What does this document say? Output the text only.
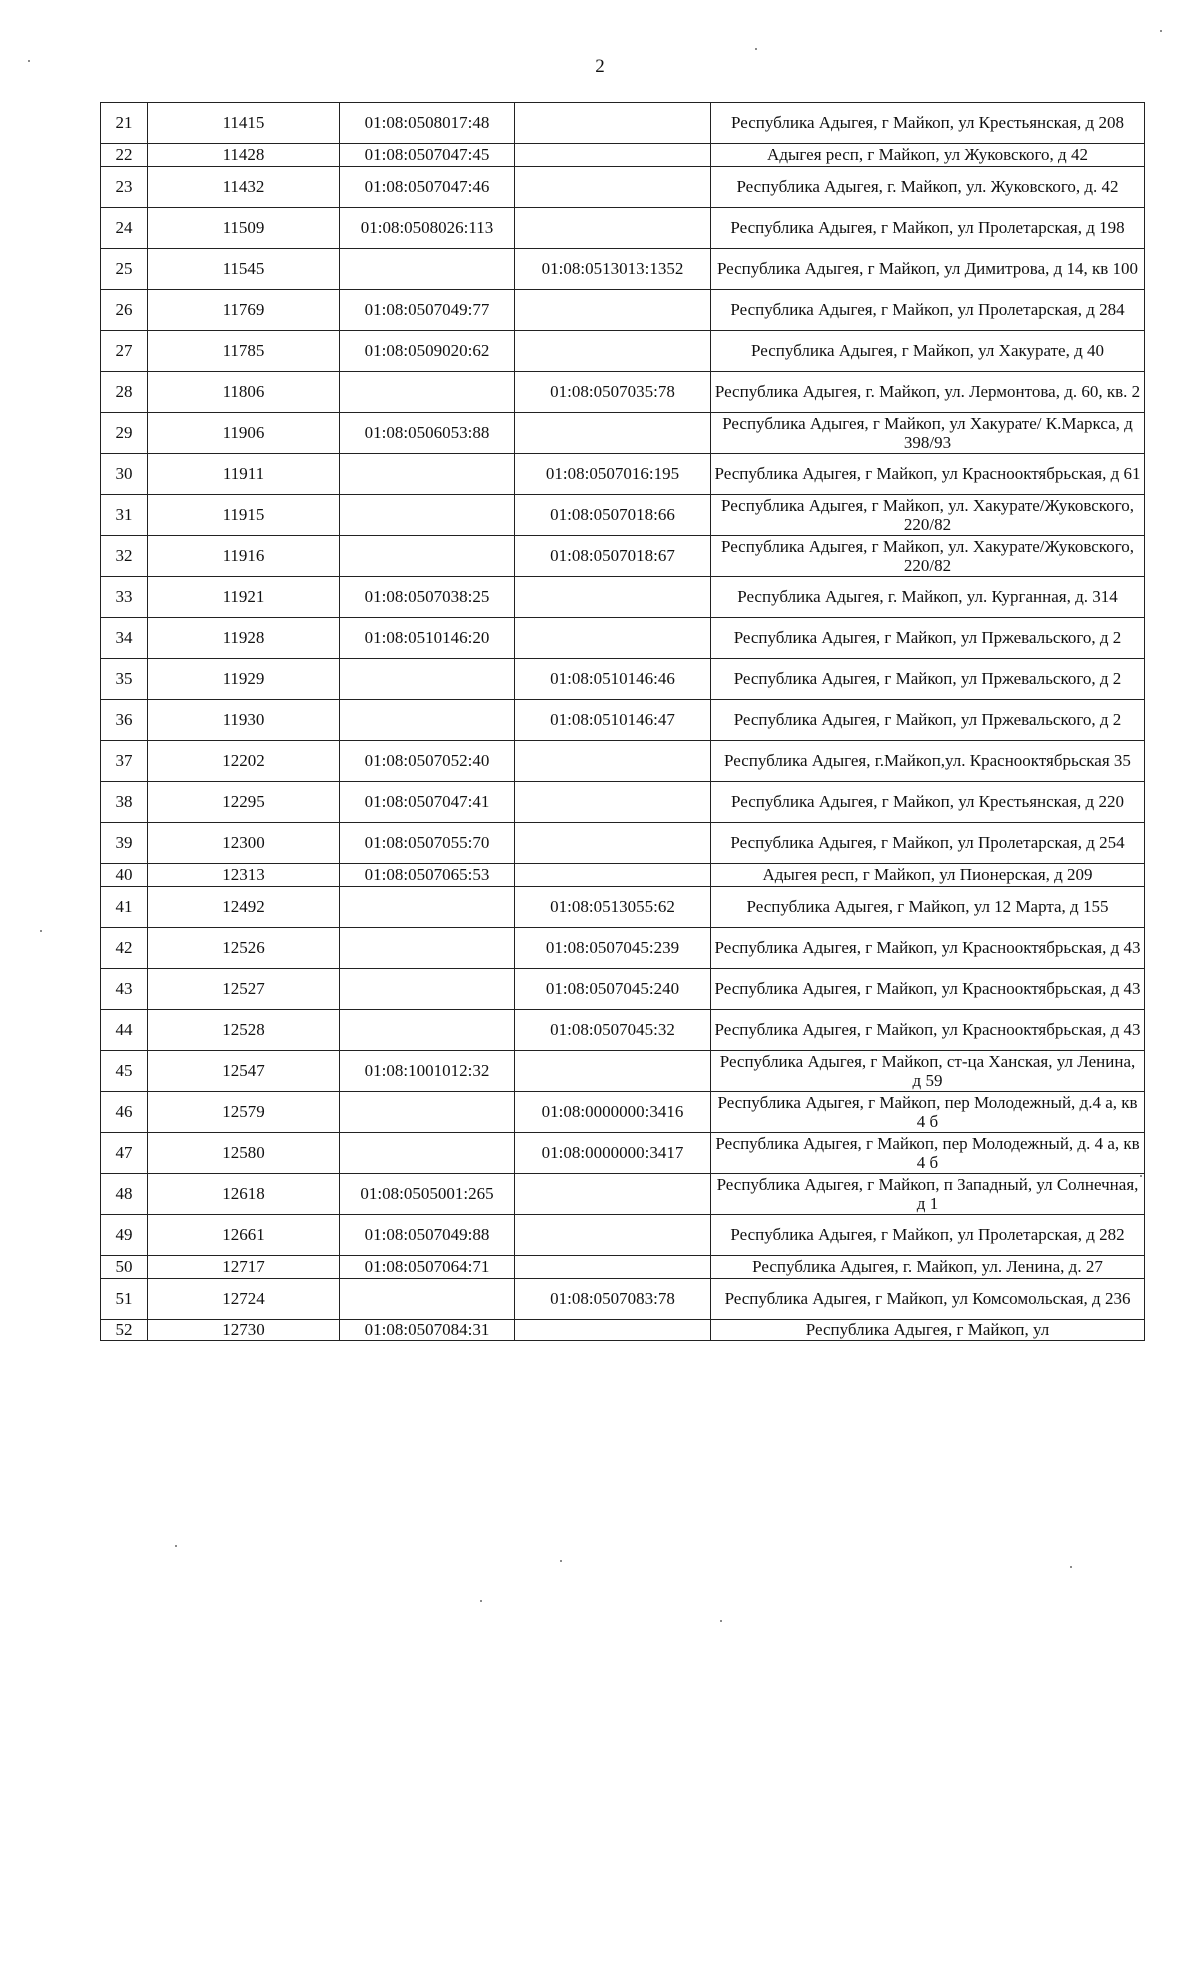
2
21	11415	01:08:0508017:48		Республика Адыгея, г Майкоп, ул Крестьянская, д 208
22	11428	01:08:0507047:45		Адыгея респ, г Майкоп, ул Жуковского, д 42
23	11432	01:08:0507047:46		Республика Адыгея, г. Майкоп, ул. Жуковского, д. 42
24	11509	01:08:0508026:113		Республика Адыгея, г Майкоп, ул Пролетарская, д 198
25	11545		01:08:0513013:1352	Республика Адыгея, г Майкоп, ул Димитрова, д 14, кв 100
26	11769	01:08:0507049:77		Республика Адыгея, г Майкоп, ул Пролетарская, д 284
27	11785	01:08:0509020:62		Республика Адыгея, г Майкоп, ул Хакурате, д 40
28	11806		01:08:0507035:78	Республика Адыгея, г. Майкоп, ул. Лермонтова, д. 60, кв. 2
29	11906	01:08:0506053:88		Республика Адыгея, г Майкоп, ул Хакурате/ К.Маркса, д 398/93
30	11911		01:08:0507016:195	Республика Адыгея, г Майкоп, ул Краснооктябрьская, д 61
31	11915		01:08:0507018:66	Республика Адыгея, г Майкоп, ул. Хакурате/Жуковского, 220/82
32	11916		01:08:0507018:67	Республика Адыгея, г Майкоп, ул. Хакурате/Жуковского, 220/82
33	11921	01:08:0507038:25		Республика Адыгея, г. Майкоп, ул. Курганная, д. 314
34	11928	01:08:0510146:20		Республика Адыгея, г Майкоп, ул Пржевальского, д 2
35	11929		01:08:0510146:46	Республика Адыгея, г Майкоп, ул Пржевальского, д 2
36	11930		01:08:0510146:47	Республика Адыгея, г Майкоп, ул Пржевальского, д 2
37	12202	01:08:0507052:40		Республика Адыгея, г.Майкоп,ул. Краснооктябрьская 35
38	12295	01:08:0507047:41		Республика Адыгея, г Майкоп, ул Крестьянская, д 220
39	12300	01:08:0507055:70		Республика Адыгея, г Майкоп, ул Пролетарская, д 254
40	12313	01:08:0507065:53		Адыгея респ, г Майкоп, ул Пионерская, д 209
41	12492		01:08:0513055:62	Республика Адыгея, г Майкоп, ул 12 Марта, д 155
42	12526		01:08:0507045:239	Республика Адыгея, г Майкоп, ул Краснооктябрьская, д 43
43	12527		01:08:0507045:240	Республика Адыгея, г Майкоп, ул Краснооктябрьская, д 43
44	12528		01:08:0507045:32	Республика Адыгея, г Майкоп, ул Краснооктябрьская, д 43
45	12547	01:08:1001012:32		Республика Адыгея, г Майкоп, ст-ца Ханская, ул Ленина, д 59
46	12579		01:08:0000000:3416	Республика Адыгея, г Майкоп, пер Молодежный, д.4 а, кв 4 б
47	12580		01:08:0000000:3417	Республика Адыгея, г Майкоп, пер Молодежный, д. 4 а, кв 4 б
48	12618	01:08:0505001:265		Республика Адыгея, г Майкоп, п Западный, ул Солнечная, д 1
49	12661	01:08:0507049:88		Республика Адыгея, г Майкоп, ул Пролетарская, д 282
50	12717	01:08:0507064:71		Республика Адыгея, г. Майкоп, ул. Ленина, д. 27
51	12724		01:08:0507083:78	Республика Адыгея, г Майкоп, ул Комсомольская, д 236
52	12730	01:08:0507084:31		Республика Адыгея, г Майкоп, ул
